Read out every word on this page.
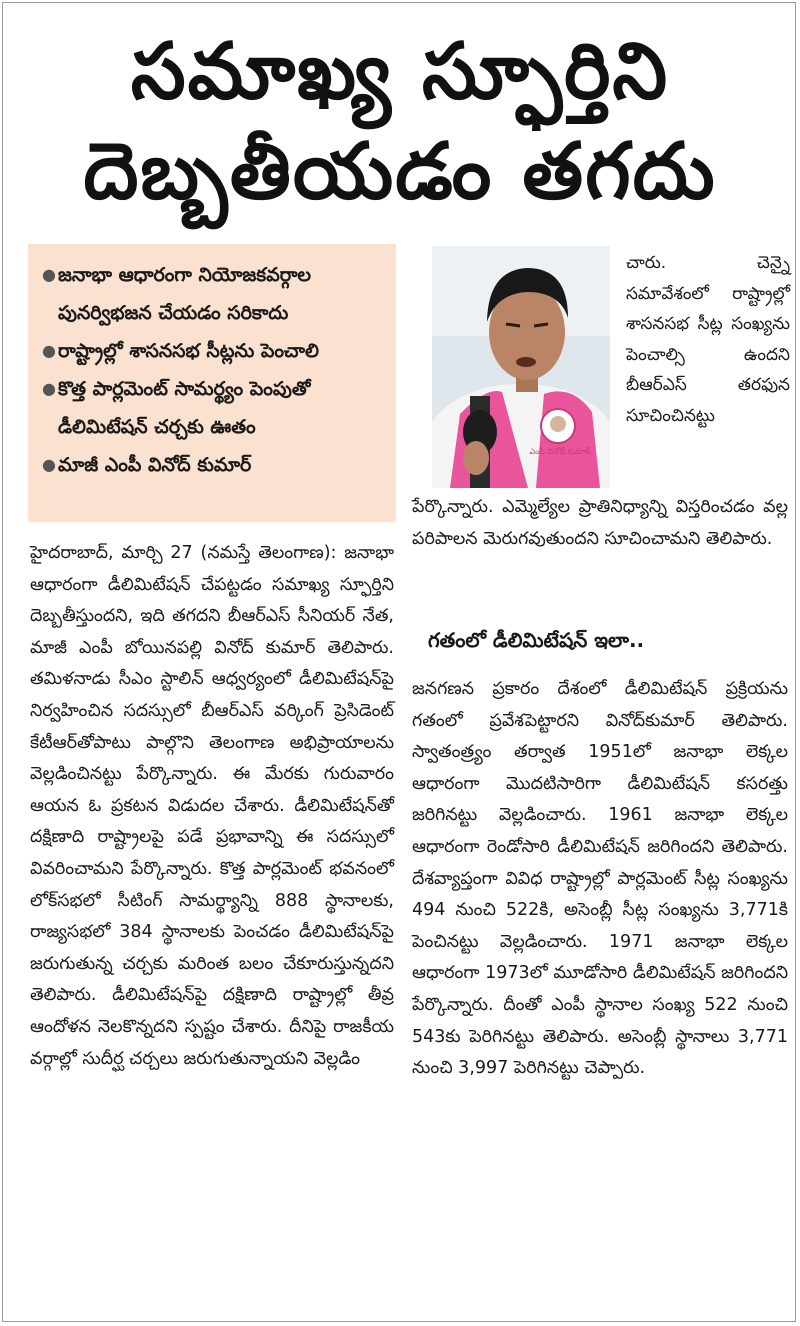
సమాఖ్య స్ఫూర్తిని
దెబ్బతీయడం తగదు
● జనాభా ఆధారంగా నియోజకవర్గాల పునర్విభజన చేయడం సరికాదు
● రాష్ట్రాల్లో శాసనసభ సీట్లను పెంచాలి
● కొత్త పార్లమెంట్ సామర్థ్యం పెంపుతో డీలిమిటేషన్ చర్చకు ఊతం
● మాజీ ఎంపీ వినోద్ కుమార్
ఎంపీ వినోద్ కుమార్

చారు. చెన్నై సమావేశంలో రాష్ట్రాల్లో శాసనసభ సీట్ల సంఖ్యను పెంచాల్సి ఉందని బీఆర్ఎస్ తరఫున సూచించినట్టు

పేర్కొన్నారు. ఎమ్మెల్యేల ప్రాతినిధ్యాన్ని విస్తరించడం వల్ల పరిపాలన మెరుగవుతుందని సూచించామని తెలిపారు.

గతంలో డీలిమిటేషన్ ఇలా..

జనగణన ప్రకారం దేశంలో డీలిమిటేషన్ ప్రక్రియను గతంలో ప్రవేశపెట్టారని వినోద్‌కుమార్ తెలిపారు. స్వాతంత్ర్యం తర్వాత 1951లో జనాభా లెక్కల ఆధారంగా మొదటిసారిగా డీలిమిటేషన్ కసరత్తు జరిగినట్టు వెల్లడించారు. 1961 జనాభా లెక్కల ఆధారంగా రెండోసారి డీలిమిటేషన్ జరిగిందని తెలిపారు. దేశవ్యాప్తంగా వివిధ రాష్ట్రాల్లో పార్లమెంట్ సీట్ల సంఖ్యను 494 నుంచి 522కి, అసెంబ్లీ సీట్ల సంఖ్యను 3,771కి పెంచినట్టు వెల్లడించారు. 1971 జనాభా లెక్కల ఆధారంగా 1973లో మూడోసారి డీలిమిటేషన్ జరిగిందని పేర్కొన్నారు. దీంతో ఎంపీ స్థానాల సంఖ్య 522 నుంచి 543కు పెరిగినట్టు తెలిపారు. అసెంబ్లీ స్థానాలు 3,771 నుంచి 3,997 పెరిగినట్టు చెప్పారు.

హైదరాబాద్, మార్చి 27 (నమస్తే తెలంగాణ): జనాభా ఆధారంగా డీలిమిటేషన్ చేపట్టడం సమాఖ్య స్ఫూర్తిని దెబ్బతీస్తుందని, ఇది తగదని బీఆర్ఎస్ సీనియర్ నేత, మాజీ ఎంపీ బోయినపల్లి వినోద్ కుమార్ తెలిపారు. తమిళనాడు సీఎం స్టాలిన్ ఆధ్వర్యంలో డీలిమిటేషన్‌పై నిర్వహించిన సదస్సులో బీఆర్ఎస్ వర్కింగ్ ప్రెసిడెంట్ కేటీఆర్‌తోపాటు పాల్గొని తెలంగాణ అభిప్రాయాలను వెల్లడించినట్టు పేర్కొన్నారు. ఈ మేరకు గురువారం ఆయన ఓ ప్రకటన విడుదల చేశారు. డీలిమిటేషన్‌తో దక్షిణాది రాష్ట్రాలపై పడే ప్రభావాన్ని ఈ సదస్సులో వివరించామని పేర్కొన్నారు. కొత్త పార్లమెంట్ భవనంలో లోక్‌సభలో సీటింగ్ సామర్థ్యాన్ని 888 స్థానాలకు, రాజ్యసభలో 384 స్థానాలకు పెంచడం డీలిమిటేషన్‌పై జరుగుతున్న చర్చకు మరింత బలం చేకూరుస్తున్నదని తెలిపారు. డీలిమిటేషన్‌పై దక్షిణాది రాష్ట్రాల్లో తీవ్ర ఆందోళన నెలకొన్నదని స్పష్టం చేశారు. దీనిపై రాజకీయ వర్గాల్లో సుదీర్ఘ చర్చలు జరుగుతున్నాయని వెల్లడిం
